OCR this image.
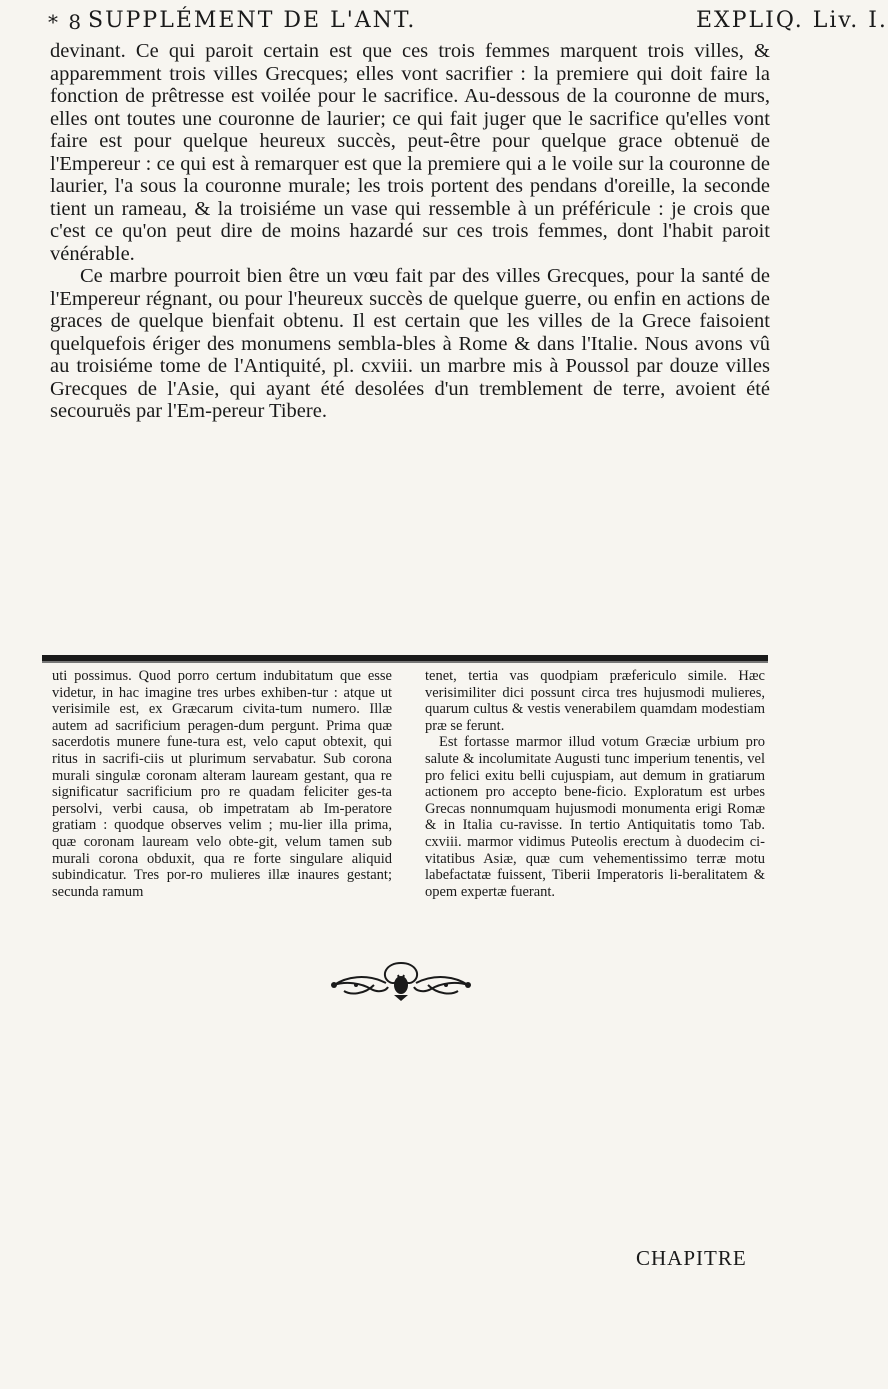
* 8 SUPPLÉMENT DE L'ANT.	EXPLIQ. Liv. I.

devinant. Ce qui paroit certain est que ces trois femmes marquent trois villes, & apparemment trois villes Grecques; elles vont sacrifier : la premiere qui doit faire la fonction de prêtresse est voilée pour le sacrifice. Au-dessous de la couronne de murs, elles ont toutes une couronne de laurier; ce qui fait juger que le sacrifice qu'elles vont faire est pour quelque heureux succès, peut-être pour quelque grace obtenuë de l'Empereur : ce qui est à remarquer est que la premiere qui a le voile sur la couronne de laurier, l'a sous la couronne murale; les trois portent des pendans d'oreille, la seconde tient un rameau, & la troisiéme un vase qui ressemble à un préféricule : je crois que c'est ce qu'on peut dire de moins hazardé sur ces trois femmes, dont l'habit paroit vénérable.

Ce marbre pourroit bien être un vœu fait par des villes Grecques, pour la santé de l'Empereur régnant, ou pour l'heureux succès de quelque guerre, ou enfin en actions de graces de quelque bienfait obtenu. Il est certain que les villes de la Grece faisoient quelquefois ériger des monumens sembla-bles à Rome & dans l'Italie. Nous avons vû au troisiéme tome de l'Antiquité, pl. cxviii. un marbre mis à Poussol par douze villes Grecques de l'Asie, qui ayant été desolées d'un tremblement de terre, avoient été secouruës par l'Em-pereur Tibere.

uti possimus. Quod porro certum indubitatum que esse videtur, in hac imagine tres urbes exhiben-tur : atque ut verisimile est, ex Græcarum civita-tum numero. Illæ autem ad sacrificium peragen-dum pergunt. Prima quæ sacerdotis munere fune-tura est, velo caput obtexit, qui ritus in sacrifi-ciis ut plurimum servabatur. Sub corona murali singulæ coronam alteram lauream gestant, qua re significatur sacrificium pro re quadam feliciter ges-ta persolvi, verbi causa, ob impetratam ab Im-peratore gratiam : quodque observes velim ; mu-lier illa prima, quæ coronam lauream velo obte-git, velum tamen sub murali corona obduxit, qua re forte singulare aliquid subindicatur. Tres por-ro mulieres illæ inaures gestant; secunda ramum

tenet, tertia vas quodpiam præfericulo simile. Hæc verisimiliter dici possunt circa tres hujusmodi mulieres, quarum cultus & vestis venerabilem quamdam modestiam præ se ferunt.

Est fortasse marmor illud votum Græciæ urbium pro salute & incolumitate Augusti tunc imperium tenentis, vel pro felici exitu belli cujuspiam, aut demum in gratiarum actionem pro accepto bene-ficio. Exploratum est urbes Grecas nonnumquam hujusmodi monumenta erigi Romæ & in Italia cu-ravisse. In tertio Antiquitatis tomo Tab. cxviii. marmor vidimus Puteolis erectum à duodecim ci-vitatibus Asiæ, quæ cum vehementissimo terræ motu labefactatæ fuissent, Tiberii Imperatoris li-beralitatem & opem expertæ fuerant.

CHAPITRE
